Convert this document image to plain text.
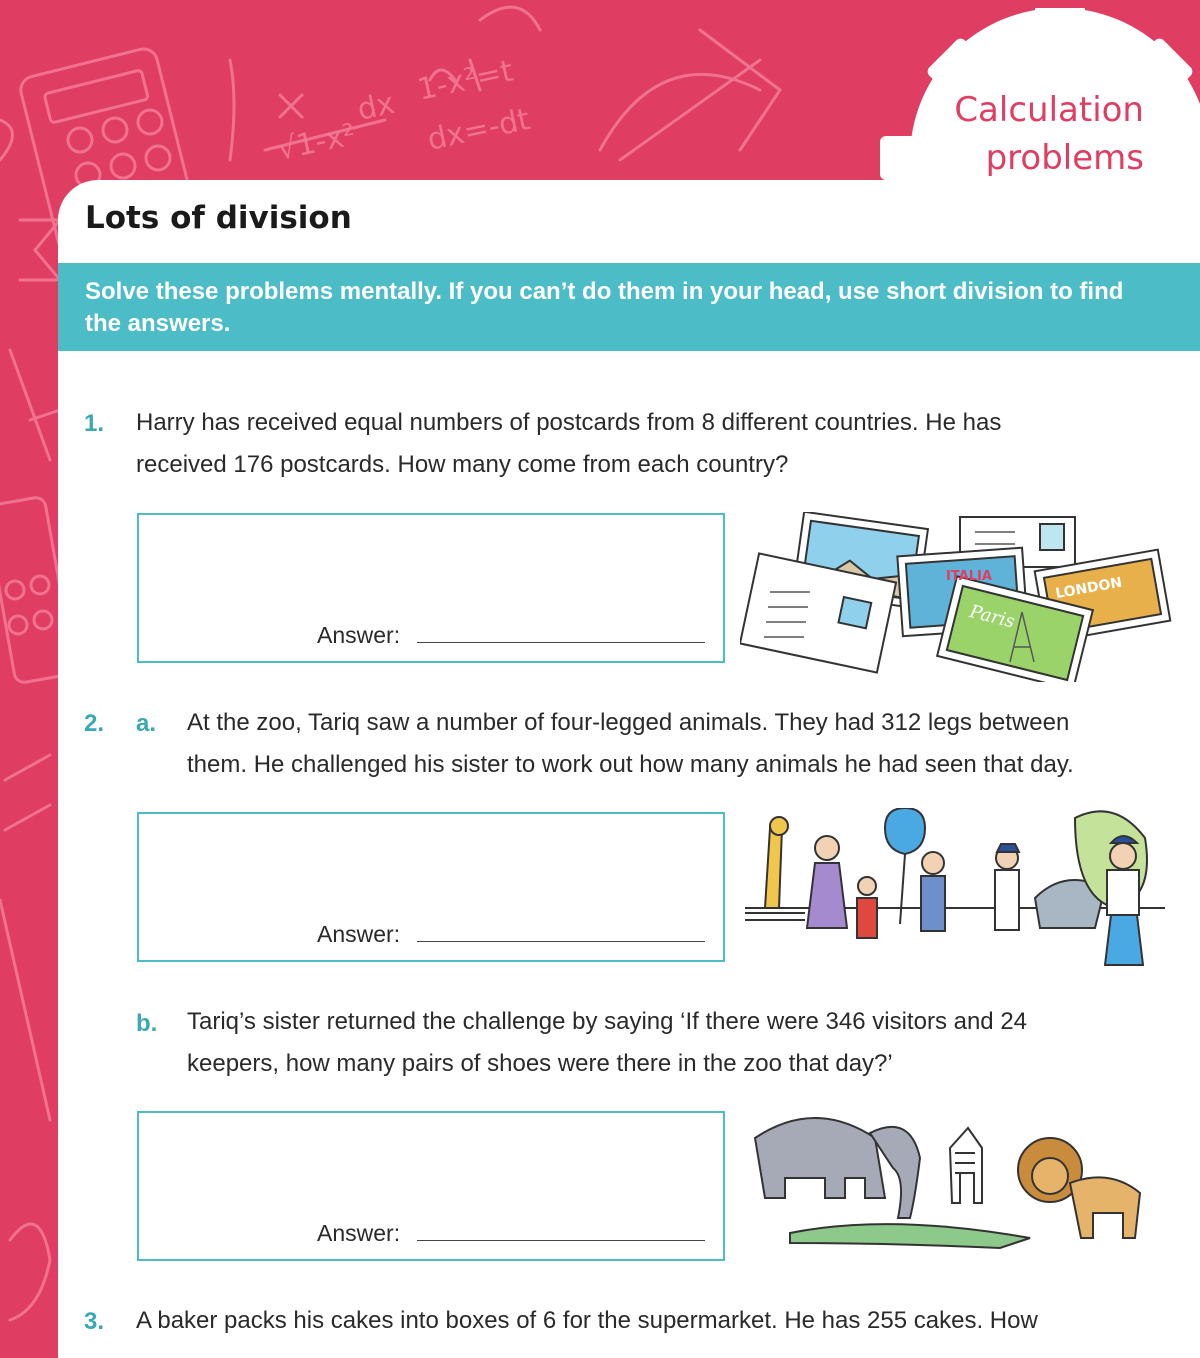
1-x²=t
dx=-dt
√1-x²
dx	Calculation
problems
Lots of division
Solve these problems mentally. If you can’t do them in your head, use short division to find the answers.
1. Harry has received equal numbers of postcards from 8 different countries. He has
received 176 postcards. How many come from each country?
Answer:
ITALIA
Paris
LONDON
2. a. At the zoo, Tariq saw a number of four-legged animals. They had 312 legs between
them. He challenged his sister to work out how many animals he had seen that day.
Answer:
b. Tariq’s sister returned the challenge by saying ‘If there were 346 visitors and 24
keepers, how many pairs of shoes were there in the zoo that day?’
Answer:
3. A baker packs his cakes into boxes of 6 for the supermarket. He has 255 cakes. How
